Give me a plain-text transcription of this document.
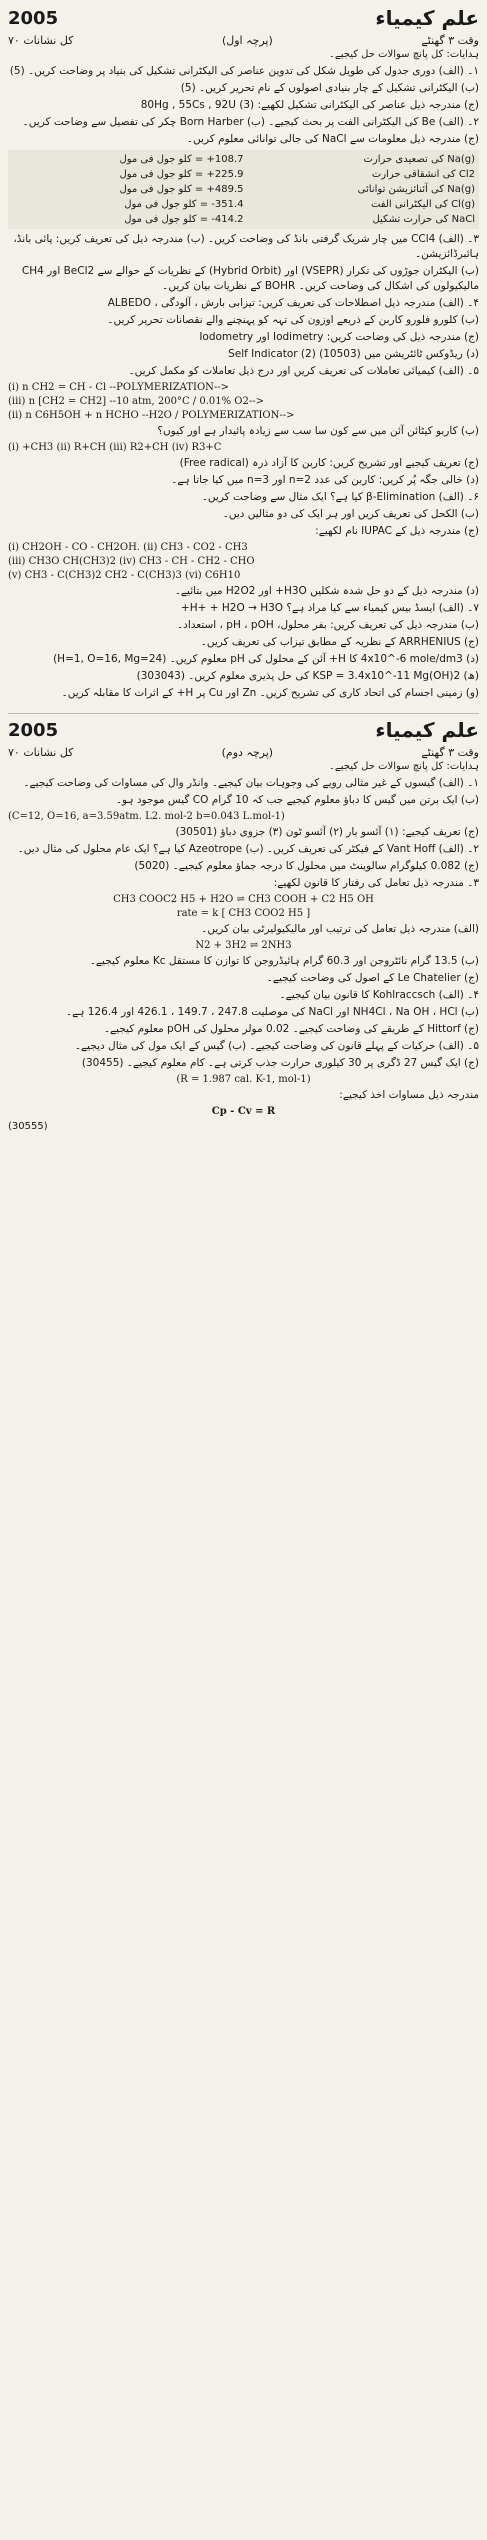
2005	علم کیمیاء
وقت ۳ گھنٹے
(پرچہ اول)
کل نشانات ۷۰
ہدایات: کل پانچ سوالات حل کیجیے۔
۱۔ (الف) دوری جدول کی طویل شکل کی تدوین عناصر کی الیکٹرانی تشکیل کی بنیاد پر وضاحت کریں۔ (5)
(ب) الیکٹرانی تشکیل کے چار بنیادی اصولوں کے نام تحریر کریں۔ (5)
(ج) مندرجہ ذیل عناصر کی الیکٹرانی تشکیل لکھیے: 80Hg , 55Cs , 92U (3)
۲۔ (الف) Be کی الیکٹرانی الفت پر بحث کیجیے۔ (ب) Born Harber چکر کی تفصیل سے وضاحت کریں۔
(ج) مندرجہ ذیل معلومات سے NaCl کی جالی توانائی معلوم کریں۔
Na(g) کی تصعیدی حرارت
108.7+ = کلو جول فی مول
Cl2 کی انشقاقی حرارت
225.9+ = کلو جول فی مول
Na(g) کی آئنائزیشن توانائی
489.5+ = کلو جول فی مول
Cl(g) کی الیکٹرانی الفت
351.4- = کلو جول فی مول
NaCl کی حرارت تشکیل
414.2- = کلو جول فی مول
۳۔ (الف) CCl4 میں چار شریک گرفتی بانڈ کی وضاحت کریں۔ (ب) مندرجہ ذیل کی تعریف کریں: پائی بانڈ، ہائبرڈائزیشن۔
(ب) الیکٹران جوڑوں کی تکرار (VSEPR) اور (Hybrid Orbit) کے نظریات کے حوالے سے BeCl2 اور CH4 مالیکیولوں کی اشکال کی وضاحت کریں۔ BOHR کے نظریات بیان کریں۔
۴۔ (الف) مندرجہ ذیل اصطلاحات کی تعریف کریں: تیزابی بارش ، آلودگی ، ALBEDO
(ب) کلورو فلورو کاربن کے ذریعے اوزون کی تہہ کو پہنچنے والے نقصانات تحریر کریں۔
(ج) مندرجہ ذیل کی وضاحت کریں: Iodimetry اور Iodometry
(د) ریڈوکس ٹائٹریشن میں Self Indicator (2) (10503)
۵۔ (الف) کیمیائی تعاملات کی تعریف کریں اور درج ذیل تعاملات کو مکمل کریں۔
(i) n CH2 = CH - Cl --POLYMERIZATION-->
(iii) n [CH2 = CH2] --10 atm, 200°C / 0.01% O2-->
(ii) n C6H5OH + n HCHO --H2O / POLYMERIZATION-->
(ب) کاربو کیٹائن آئن میں سے کون سا سب سے زیادہ پائیدار ہے اور کیوں؟
(i) +CH3 (ii) R+CH (iii) R2+CH (iv) R3+C
(ج) تعریف کیجیے اور تشریح کریں: کاربن کا آزاد ذرہ (Free radical)
(د) خالی جگہ پُر کریں: کاربن کی عدد n=2 اور n=3 میں کیا جاتا ہے۔
۶۔ (الف) β-Elimination کیا ہے؟ ایک مثال سے وضاحت کریں۔
(ب) الکحل کی تعریف کریں اور ہر ایک کی دو مثالیں دیں۔
(ج) مندرجہ ذیل کے IUPAC نام لکھیے:
(i) CH2OH - CO - CH2OH. (ii) CH3 - CO2 - CH3
(iii) CH3O CH(CH3)2 (iv) CH3 - CH - CH2 - CHO
(v) CH3 - C(CH3)2 CH2 - C(CH3)3 (vi) C6H10
(د) مندرجہ ذیل کے دو حل شدہ شکلیں H3O+ اور H2O2 میں بتائیے۔
۷۔ (الف) ایسڈ بیس کیمیاء سے کیا مراد ہے؟ H+ + H2O → H3O+
(ب) مندرجہ ذیل کی تعریف کریں: بفر محلول، pH ، pOH ، استعداد۔
(ج) ARRHENIUS کے نظریہ کے مطابق تیزاب کی تعریف کریں۔
(د) 4x10^-6 mole/dm3 کا H+ آئن کے محلول کی pH معلوم کریں۔ (H=1, O=16, Mg=24)
(ھ) KSP = 3.4x10^-11 Mg(OH)2 کی حل پذیری معلوم کریں۔ (303043)
(و) زمینی اجسام کی اتحاد کاری کی تشریح کریں۔ Zn اور Cu پر H+ کے اثرات کا مقابلہ کریں۔
2005	علم کیمیاء
وقت ۳ گھنٹے
(پرچہ دوم)
کل نشانات ۷۰
ہدایات: کل پانچ سوالات حل کیجیے۔
۱۔ (الف) گیسوں کے غیر مثالی رویے کی وجوہات بیان کیجیے۔ وانڈر وال کی مساوات کی وضاحت کیجیے۔
(ب) ایک برتن میں گیس کا دباؤ معلوم کیجیے جب کہ 10 گرام CO گیس موجود ہو۔
(C=12, O=16, a=3.59atm. L2. mol-2 b=0.043 L.mol-1)
(ج) تعریف کیجیے: (۱) آئسو بار (۲) آئسو ٹون (۳) جزوی دباؤ (30501)
۲۔ (الف) Vant Hoff کے فیکٹر کی تعریف کریں۔ (ب) Azeotrope کیا ہے؟ ایک عام محلول کی مثال دیں۔
(ج) 0.082 کیلوگرام سالوینٹ میں محلول کا درجہ جماؤ معلوم کیجیے۔ (5020)
۳۔ مندرجہ ذیل تعامل کی رفتار کا قانون لکھیے:
CH3 COOC2 H5 + H2O ⇌ CH3 COOH + C2 H5 OH
rate = k [ CH3 COO2 H5 ]
(الف) مندرجہ ذیل تعامل کی ترتیب اور مالیکیولیرٹی بیان کریں۔
N2 + 3H2 ⇌ 2NH3
(ب) 13.5 گرام نائٹروجن اور 60.3 گرام ہائیڈروجن کا توازن کا مستقل Kc معلوم کیجیے۔
(ج) Le Chatelier کے اصول کی وضاحت کیجیے۔
۴۔ (الف) Kohlraccsch کا قانون بیان کیجیے۔
(ب) NH4Cl ، Na OH ، HCl اور NaCl کی موصلیت 247.8 ، 149.7 ، 426.1 اور 126.4 ہے۔
(ج) Hittorf کے طریقے کی وضاحت کیجیے۔ 0.02 مولر محلول کی pOH معلوم کیجیے۔
۵۔ (الف) حرکیات کے پہلے قانون کی وضاحت کیجیے۔ (ب) گیس کے ایک مول کی مثال دیجیے۔
(ج) ایک گیس 27 ڈگری پر 30 کیلوری حرارت جذب کرتی ہے۔ کام معلوم کیجیے۔ (30455)
(R = 1.987 cal. K-1, mol-1)
مندرجہ ذیل مساوات اخذ کیجیے:
Cp - Cv = R
(30555)
